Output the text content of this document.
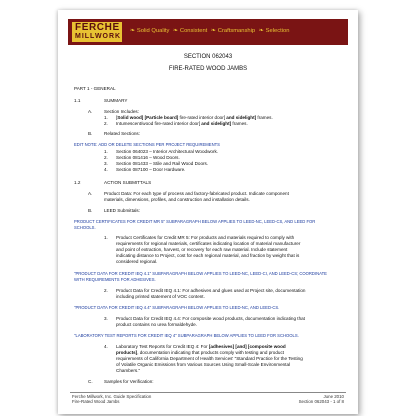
FERCHE
MILLWORK
❧ Solid Quality ❧ Consistent ❧ Craftsmanship ❧ Selection
SECTION 062043
FIRE-RATED WOOD JAMBS
PART 1 - GENERAL
1.1	SUMMARY
A.	Section Includes:
1. [Solid wood] [Particle board] fire-rated interior door[ and sidelight] frames.
2. Intumescent/wood fire-rated interior door[ and sidelight] frames.
B.	Related Sections:
EDIT NOTE: ADD OR DELETE SECTIONS PER PROJECT REQUIREMENTS
1. Section 064023 – Interior Architectural Woodwork.
2. Section 081416 – Wood Doors.
3. Section 081433 – Stile and Rail Wood Doors.
4. Section 087100 – Door Hardware.
1.2	ACTION SUBMITTALS
A.	Product Data: For each type of process and factory-fabricated product. Indicate component
materials, dimensions, profiles, and construction and installation details.
B.	LEED Submittals:
PRODUCT CERTIFICATES FOR CREDIT MR 5" SUBPARAGRAPH BELOW APPLIES TO LEED-NC, LEED-CS, AND LEED FOR
SCHOOLS.
1. Product Certificates for Credit MR 5: For products and materials required to comply with
requirements for regional materials, certificates indicating location of material manufacturer
and point of extraction, harvest, or recovery for each raw material. Include statement
indicating distance to Project, cost for each regional material, and fraction by weight that is
considered regional.
"PRODUCT DATA FOR CREDIT IEQ 4.1" SUBPARAGRAPH BELOW APPLIES TO LEED-NC, LEED-CI, AND LEED-CS; COORDINATE
WITH REQUIREMENTS FOR ADHESIVES.
2. Product Data for Credit IEQ 4.1: For adhesives and glues used at Project site, documentation
including printed statement of VOC content.
"PRODUCT DATA FOR CREDIT IEQ 4.4" SUBPARAGRAPH BELOW APPLIES TO LEED-NC, AND LEED-CS.
3. Product Data for Credit IEQ 4.4: For composite wood products, documentation indicating that
product contains no urea formaldehyde.
"LABORATORY TEST REPORTS FOR CREDIT IEQ 4" SUBPARAGRAPH BELOW APPLIES TO LEED FOR SCHOOLS.
4. Laboratory Test Reports for Credit IEQ 4: For [adhesives] [and] [composite wood
products], documentation indicating that products comply with testing and product
requirements of California Department of Health Services' "Standard Practice for the Testing
of Volatile Organic Emissions from Various Sources Using Small-Scale Environmental
Chambers."
C. Samples for Verification:
Ferche Millwork, Inc. Guide Specification
Fire-Rated Wood Jambs
June 2010
Section 062043 - 1 of 8
